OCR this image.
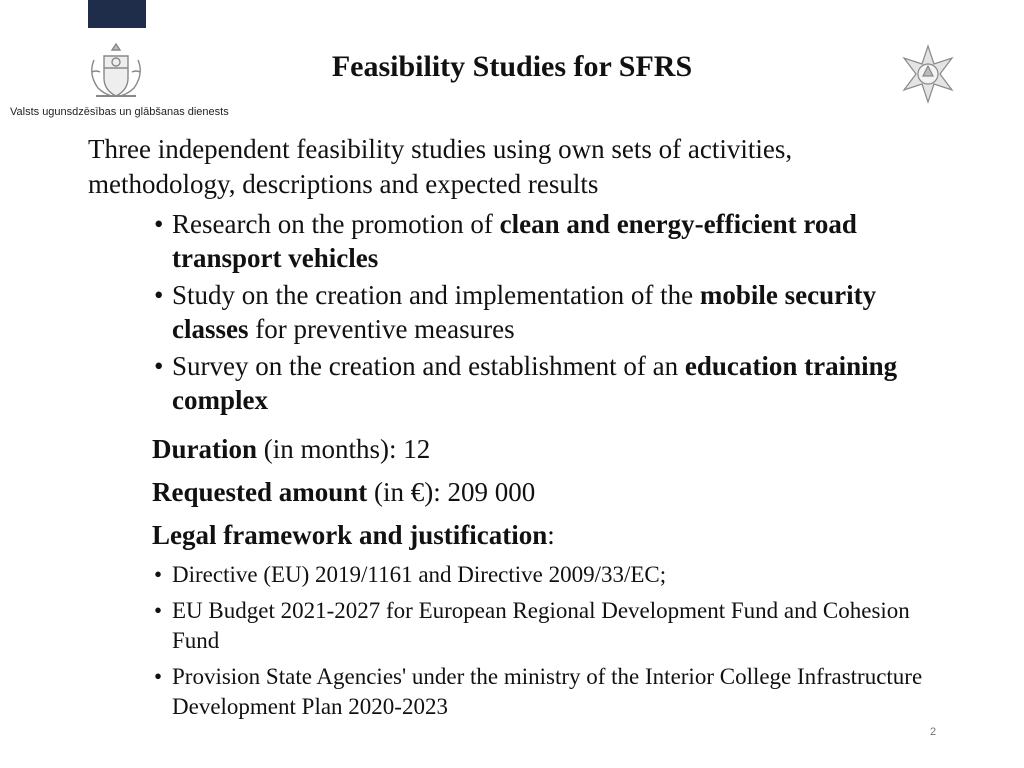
Valsts ugunsdzēsības un glābšanas dienests
Feasibility Studies for SFRS
Three independent feasibility studies using own sets of activities,
methodology, descriptions and expected results
• Research on the promotion of clean and energy-efficient road transport vehicles
• Study on the creation and implementation of the mobile security classes for preventive measures
• Survey on the creation and establishment of an education training complex

Duration (in months): 12

Requested amount (in €): 209 000

Legal framework and justification:

• Directive (EU) 2019/1161 and Directive 2009/33/EC;
• EU Budget 2021-2027 for European Regional Development Fund and Cohesion Fund
• Provision State Agencies' under the ministry of the Interior College Infrastructure Development Plan 2020-2023
2
